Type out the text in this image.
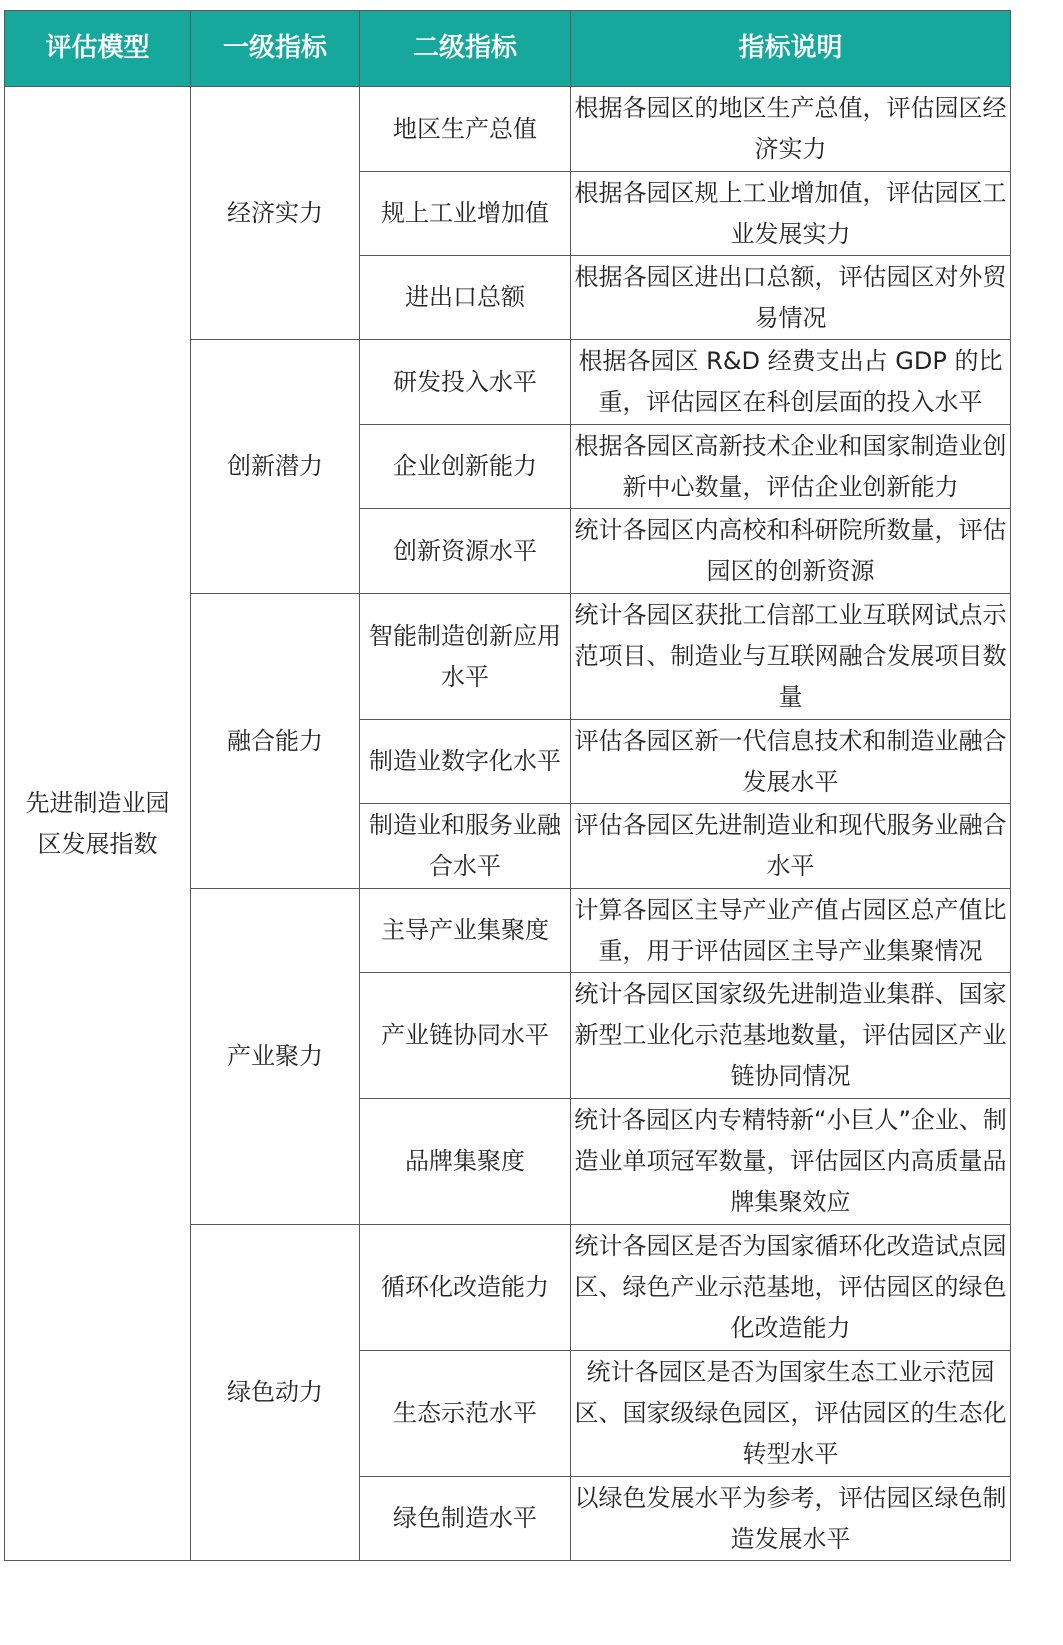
评估模型	一级指标	二级指标	指标说明
先进制造业园区发展指数	经济实力	地区生产总值	根据各园区的地区生产总值，评估园区经济实力
		规上工业增加值	根据各园区规上工业增加值，评估园区工业发展实力
		进出口总额	根据各园区进出口总额，评估园区对外贸易情况
	创新潜力	研发投入水平	根据各园区 R&D 经费支出占 GDP 的比重，评估园区在科创层面的投入水平
		企业创新能力	根据各园区高新技术企业和国家制造业创新中心数量，评估企业创新能力
		创新资源水平	统计各园区内高校和科研院所数量，评估园区的创新资源
	融合能力	智能制造创新应用水平	统计各园区获批工信部工业互联网试点示范项目、制造业与互联网融合发展项目数量
		制造业数字化水平	评估各园区新一代信息技术和制造业融合发展水平
		制造业和服务业融合水平	评估各园区先进制造业和现代服务业融合水平
	产业聚力	主导产业集聚度	计算各园区主导产业产值占园区总产值比重，用于评估园区主导产业集聚情况
		产业链协同水平	统计各园区国家级先进制造业集群、国家新型工业化示范基地数量，评估园区产业链协同情况
		品牌集聚度	统计各园区内专精特新“小巨人”企业、制造业单项冠军数量，评估园区内高质量品牌集聚效应
	绿色动力	循环化改造能力	统计各园区是否为国家循环化改造试点园区、绿色产业示范基地，评估园区的绿色化改造能力
		生态示范水平	统计各园区是否为国家生态工业示范园区、国家级绿色园区，评估园区的生态化转型水平
		绿色制造水平	以绿色发展水平为参考，评估园区绿色制造发展水平
